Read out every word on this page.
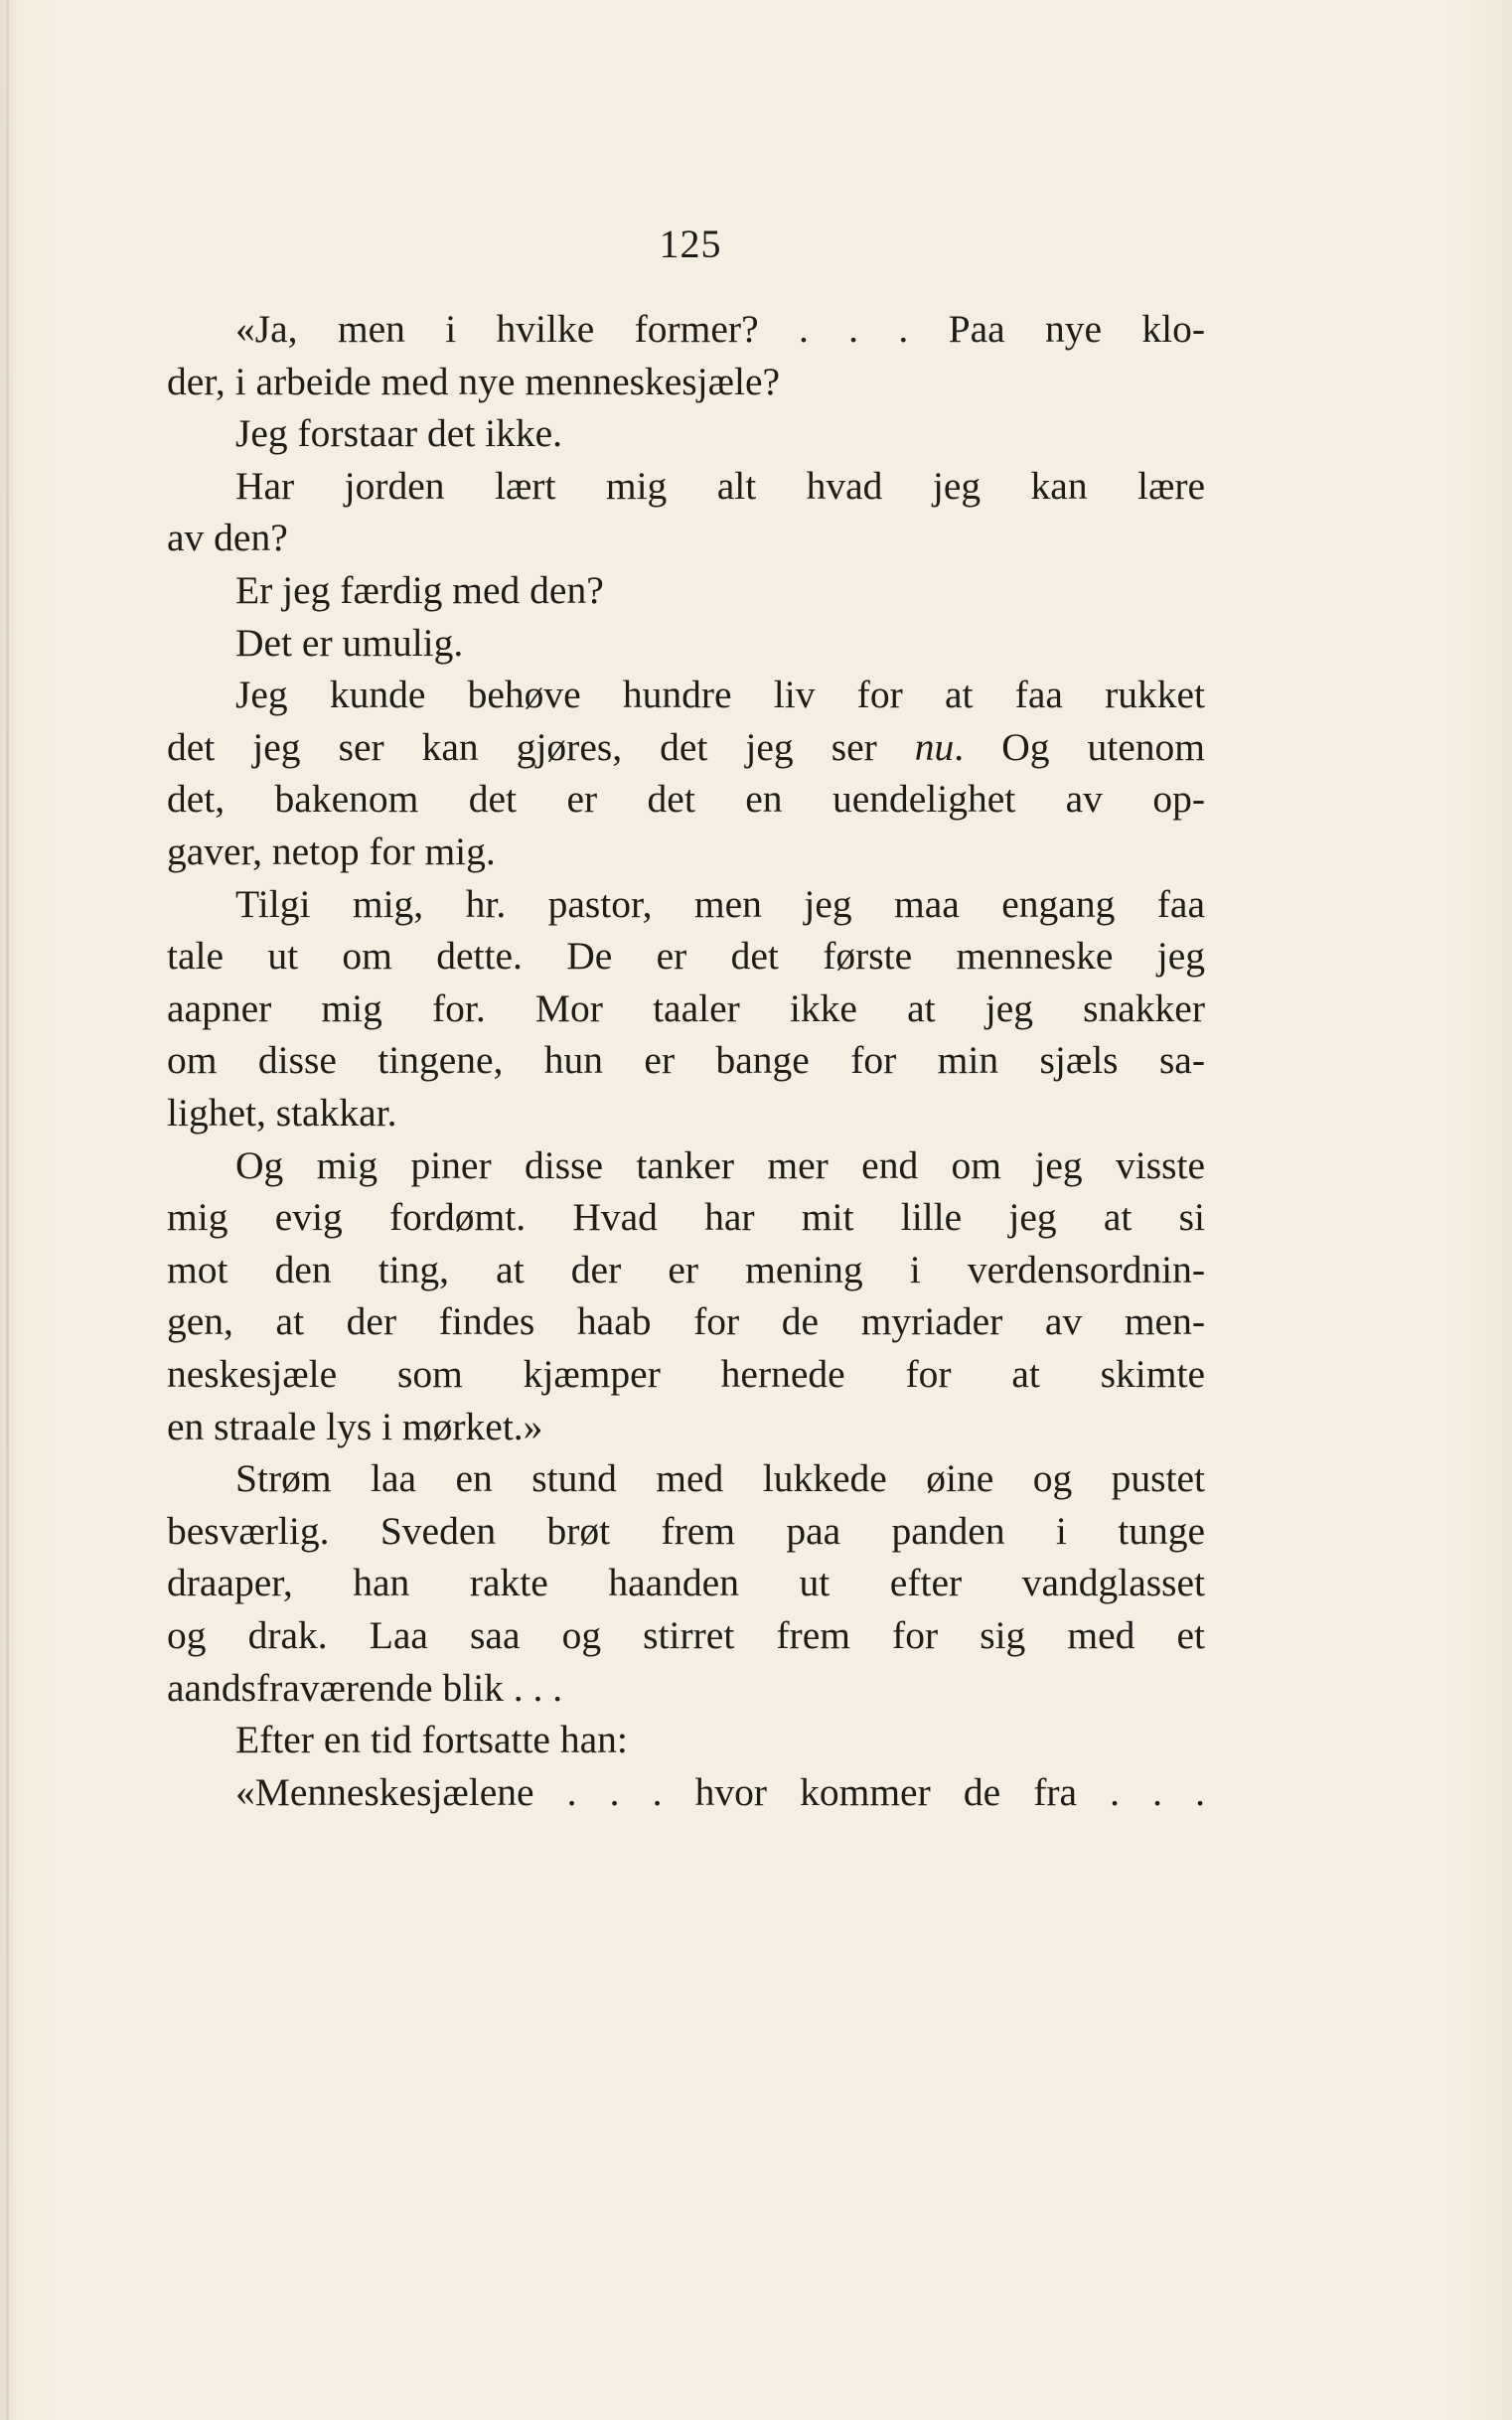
125
«Ja, men i hvilke former? . . . Paa nye klo-
der, i arbeide med nye menneskesjæle?
Jeg forstaar det ikke.
Har jorden lært mig alt hvad jeg kan lære
av den?
Er jeg færdig med den?
Det er umulig.
Jeg kunde behøve hundre liv for at faa rukket
det jeg ser kan gjøres, det jeg ser nu. Og utenom
det, bakenom det er det en uendelighet av op-
gaver, netop for mig.
Tilgi mig, hr. pastor, men jeg maa engang faa
tale ut om dette. De er det første menneske jeg
aapner mig for. Mor taaler ikke at jeg snakker
om disse tingene, hun er bange for min sjæls sa-
lighet, stakkar.
Og mig piner disse tanker mer end om jeg visste
mig evig fordømt. Hvad har mit lille jeg at si
mot den ting, at der er mening i verdensordnin-
gen, at der findes haab for de myriader av men-
neskesjæle som kjæmper hernede for at skimte
en straale lys i mørket.»
Strøm laa en stund med lukkede øine og pustet
besværlig. Sveden brøt frem paa panden i tunge
draaper, han rakte haanden ut efter vandglasset
og drak. Laa saa og stirret frem for sig med et
aandsfraværende blik . . .
Efter en tid fortsatte han:
«Menneskesjælene . . . hvor kommer de fra . . .
